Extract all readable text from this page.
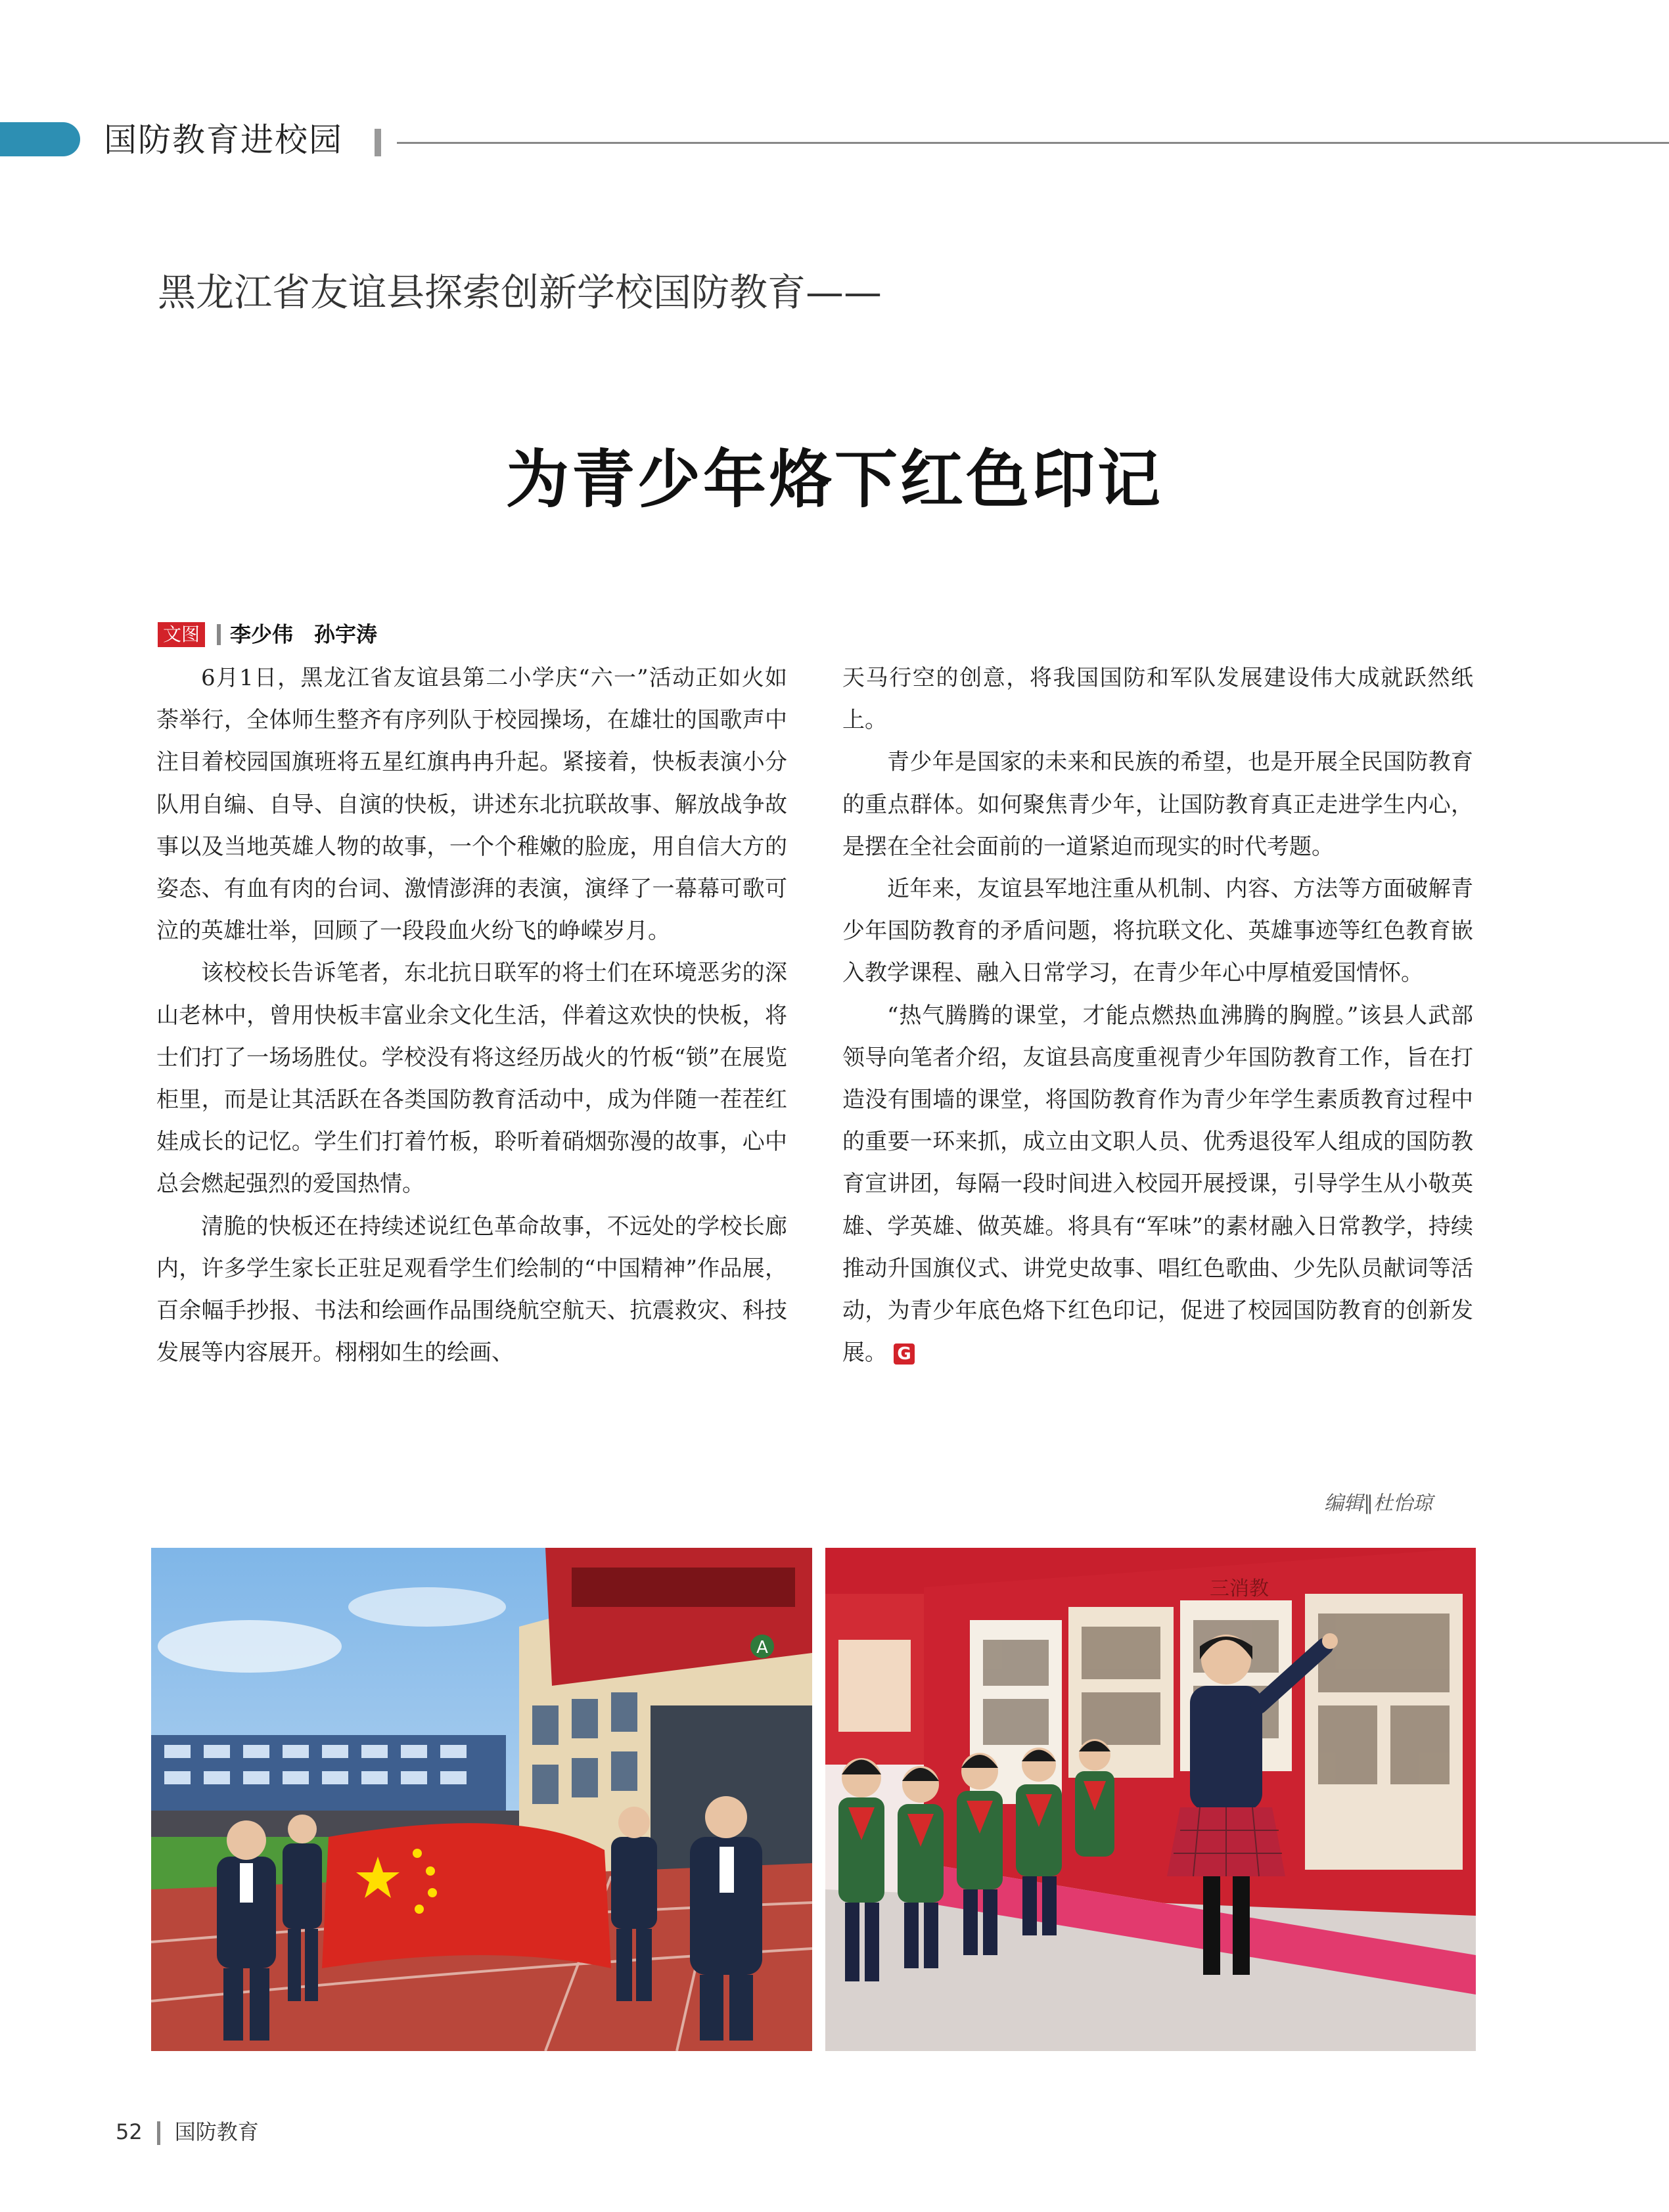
国防教育进校园
黑龙江省友谊县探索创新学校国防教育——
为青少年烙下红色印记
文图 李少伟　孙宇涛

6月1日，黑龙江省友谊县第二小学庆“六一”活动正如火如荼举行，全体师生整齐有序列队于校园操场，在雄壮的国歌声中注目着校园国旗班将五星红旗冉冉升起。紧接着，快板表演小分队用自编、自导、自演的快板，讲述东北抗联故事、解放战争故事以及当地英雄人物的故事，一个个稚嫩的脸庞，用自信大方的姿态、有血有肉的台词、激情澎湃的表演，演绎了一幕幕可歌可泣的英雄壮举，回顾了一段段血火纷飞的峥嵘岁月。

该校校长告诉笔者，东北抗日联军的将士们在环境恶劣的深山老林中，曾用快板丰富业余文化生活，伴着这欢快的快板，将士们打了一场场胜仗。学校没有将这经历战火的竹板“锁”在展览柜里，而是让其活跃在各类国防教育活动中，成为伴随一茬茬红娃成长的记忆。学生们打着竹板，聆听着硝烟弥漫的故事，心中总会燃起强烈的爱国热情。

清脆的快板还在持续述说红色革命故事，不远处的学校长廊内，许多学生家长正驻足观看学生们绘制的“中国精神”作品展，百余幅手抄报、书法和绘画作品围绕航空航天、抗震救灾、科技发展等内容展开。栩栩如生的绘画、

天马行空的创意，将我国国防和军队发展建设伟大成就跃然纸上。

青少年是国家的未来和民族的希望，也是开展全民国防教育的重点群体。如何聚焦青少年，让国防教育真正走进学生内心，是摆在全社会面前的一道紧迫而现实的时代考题。

近年来，友谊县军地注重从机制、内容、方法等方面破解青少年国防教育的矛盾问题，将抗联文化、英雄事迹等红色教育嵌入教学课程、融入日常学习，在青少年心中厚植爱国情怀。

“热气腾腾的课堂，才能点燃热血沸腾的胸膛。”该县人武部领导向笔者介绍，友谊县高度重视青少年国防教育工作，旨在打造没有围墙的课堂，将国防教育作为青少年学生素质教育过程中的重要一环来抓，成立由文职人员、优秀退役军人组成的国防教育宣讲团，每隔一段时间进入校园开展授课，引导学生从小敬英雄、学英雄、做英雄。将具有“军味”的素材融入日常教学，持续推动升国旗仪式、讲党史故事、唱红色歌曲、少先队员献词等活动，为青少年底色烙下红色印记，促进了校园国防教育的创新发展。 G

编辑∥杜怡琼
A
三消教
52 国防教育
